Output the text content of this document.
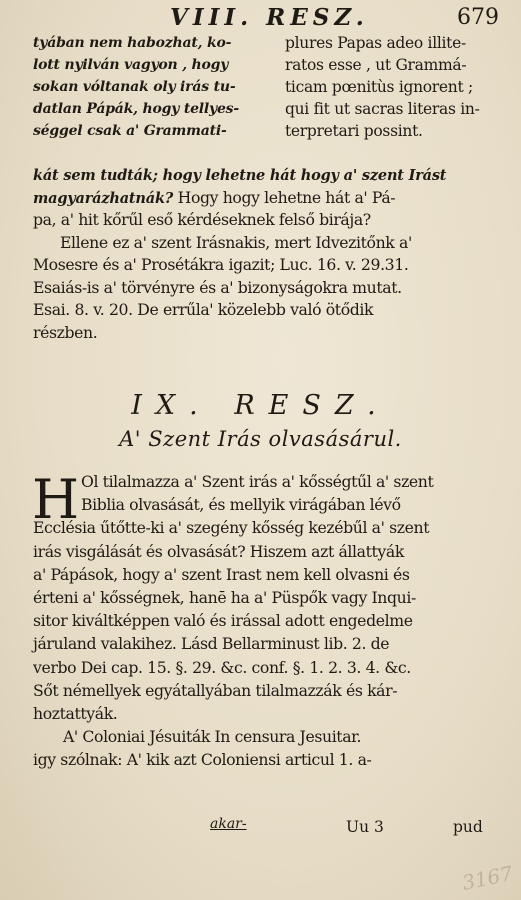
VIII. RESZ.	679
tyában nem habozhat, ko-	plures Papas adeo illite-
lott nyilván vagyon , hogy	ratos esse , ut Grammá-
sokan vóltanak oly irás tu-	ticam pœnitùs ignorent ;
datlan Pápák, hogy tellyes-	qui fit ut sacras literas in-
séggel csak a' Grammati-	terpretari possint.
kát sem tudták; hogy lehetne hát hogy a' szent Irást
magyarázhatnák? Hogy hogy lehetne hát a' Pá-
pa, a' hit kőrűl eső kérdéseknek felső birája?
Ellene ez a' szent Irásnakis, mert Idvezitőnk a'
Mosesre és a' Prosétákra igazit; Luc. 16. v. 29.31.
Esaiás-is a' törvényre és a' bizonyságokra mutat.
Esai. 8. v. 20. De errűla' közelebb való ötődik
részben.
IX. RESZ.
A' Szent Irás olvasásárul.
H Ol tilalmazza a' Szent irás a' kősségtűl a' szent
Biblia olvasását, és mellyik virágában lévő
Ecclésia űtőtte-ki a' szegény kősség kezébűl a' szent
irás visgálását és olvasását? Hiszem azt állattyák
a' Pápások, hogy a' szent Irast nem kell olvasni és
érteni a' kősségnek, hanē ha a' Püspők vagy Inqui-
sitor kiváltképpen való és irással adott engedelme
járuland valakihez. Lásd Bellarminust lib. 2. de
verbo Dei cap. 15. §. 29. &c. conf. §. 1. 2. 3. 4. &c.
Sőt némellyek egyátallyában tilalmazzák és kár-
hoztattyák.
A' Coloniai Jésuiták In censura Jesuitar.
igy szólnak: A' kik azt Coloniensi articul 1. a-
akar-	Uu 3	pud
3167
